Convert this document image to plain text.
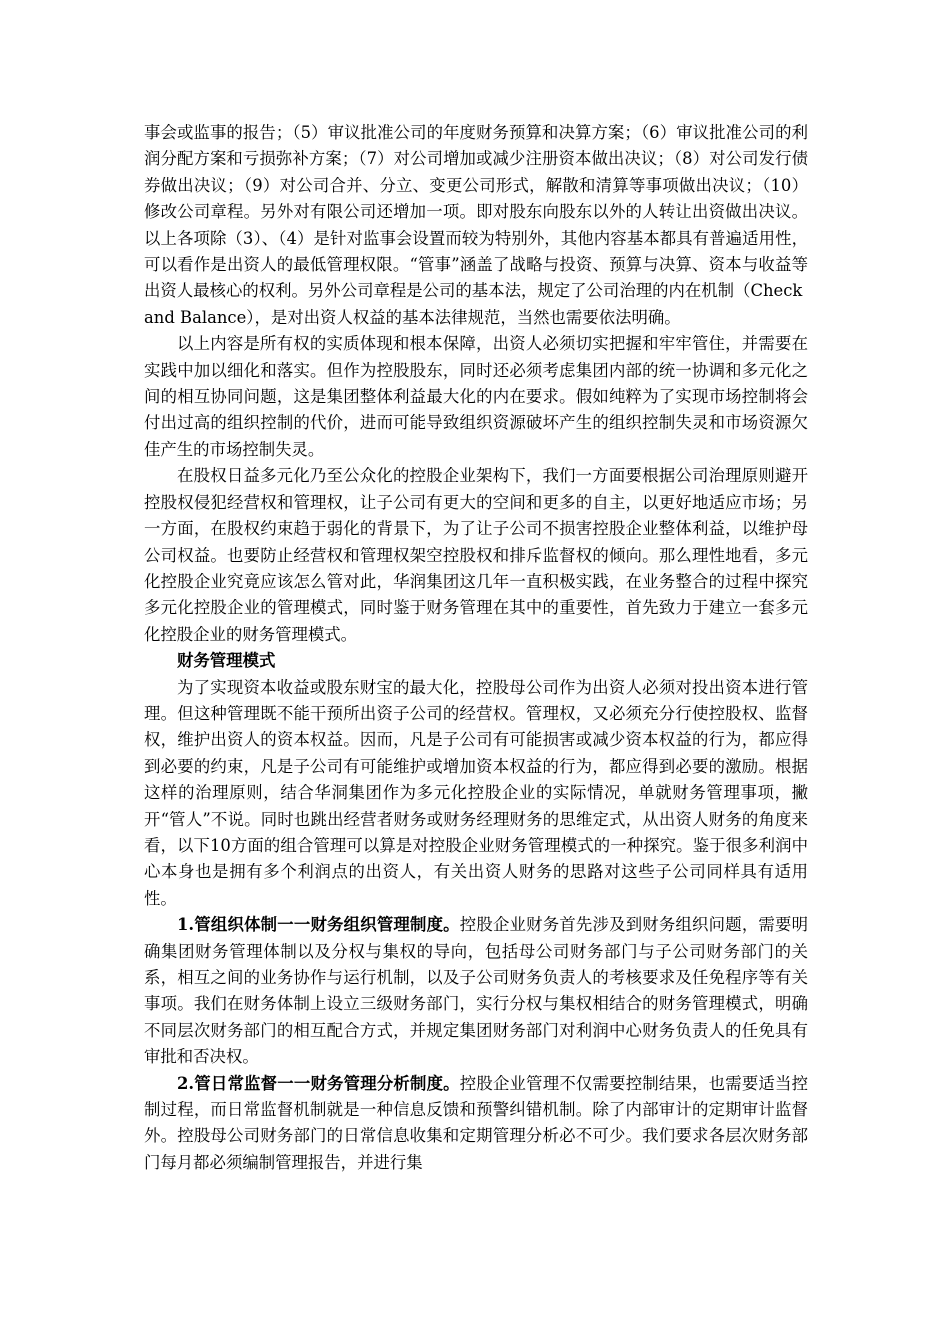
事会或监事的报告；（5）审议批准公司的年度财务预算和决算方案；（6）审议批准公司的利润分配方案和亏损弥补方案；（7）对公司增加或减少注册资本做出决议；（8）对公司发行债券做出决议；（9）对公司合并、分立、变更公司形式，解散和清算等事项做出决议；（10）修改公司章程。另外对有限公司还增加一项。即对股东向股东以外的人转让出资做出决议。以上各项除（3）、（4）是针对监事会设置而较为特别外，其他内容基本都具有普遍适用性，可以看作是出资人的最低管理权限。“管事”涵盖了战略与投资、预算与决算、资本与收益等出资人最核心的权利。另外公司章程是公司的基本法，规定了公司治理的内在机制（Check

and Balance），是对出资人权益的基本法律规范，当然也需要依法明确。

以上内容是所有权的实质体现和根本保障，出资人必须切实把握和牢牢管住，并需要在实践中加以细化和落实。但作为控股股东，同时还必须考虑集团内部的统一协调和多元化之间的相互协同问题，这是集团整体利益最大化的内在要求。假如纯粹为了实现市场控制将会付出过高的组织控制的代价，进而可能导致组织资源破坏产生的组织控制失灵和市场资源欠佳产生的市场控制失灵。

在股权日益多元化乃至公众化的控股企业架构下，我们一方面要根据公司治理原则避开控股权侵犯经营权和管理权，让子公司有更大的空间和更多的自主，以更好地适应市场；另一方面，在股权约束趋于弱化的背景下，为了让子公司不损害控股企业整体利益，以维护母公司权益。也要防止经营权和管理权架空控股权和排斥监督权的倾向。那么理性地看，多元化控股企业究竟应该怎么管对此，华润集团这几年一直积极实践，在业务整合的过程中探究多元化控股企业的管理模式，同时鉴于财务管理在其中的重要性，首先致力于建立一套多元化控股企业的财务管理模式。

财务管理模式

为了实现资本收益或股东财宝的最大化，控股母公司作为出资人必须对投出资本进行管理。但这种管理既不能干预所出资子公司的经营权。管理权，又必须充分行使控股权、监督权，维护出资人的资本权益。因而，凡是子公司有可能损害或减少资本权益的行为，都应得到必要的约束，凡是子公司有可能维护或增加资本权益的行为，都应得到必要的激励。根据这样的治理原则，结合华洞集团作为多元化控股企业的实际情况，单就财务管理事项，撇开“管人”不说。同时也跳出经营者财务或财务经理财务的思维定式，从出资人财务的角度来看，以下10方面的组合管理可以算是对控股企业财务管理模式的一种探究。鉴于很多利润中心本身也是拥有多个利润点的出资人，有关出资人财务的思路对这些子公司同样具有适用性。

1.管组织体制一一财务组织管理制度。控股企业财务首先涉及到财务组织问题，需要明确集团财务管理体制以及分权与集权的导向，包括母公司财务部门与子公司财务部门的关系，相互之间的业务协作与运行机制，以及子公司财务负责人的考核要求及任免程序等有关事项。我们在财务体制上设立三级财务部门，实行分权与集权相结合的财务管理模式，明确不同层次财务部门的相互配合方式，并规定集团财务部门对利润中心财务负责人的任免具有审批和否决权。

2.管日常监督一一财务管理分析制度。控股企业管理不仅需要控制结果，也需要适当控制过程，而日常监督机制就是一种信息反馈和预警纠错机制。除了内部审计的定期审计监督外。控股母公司财务部门的日常信息收集和定期管理分析必不可少。我们要求各层次财务部门每月都必须编制管理报告，并进行集
